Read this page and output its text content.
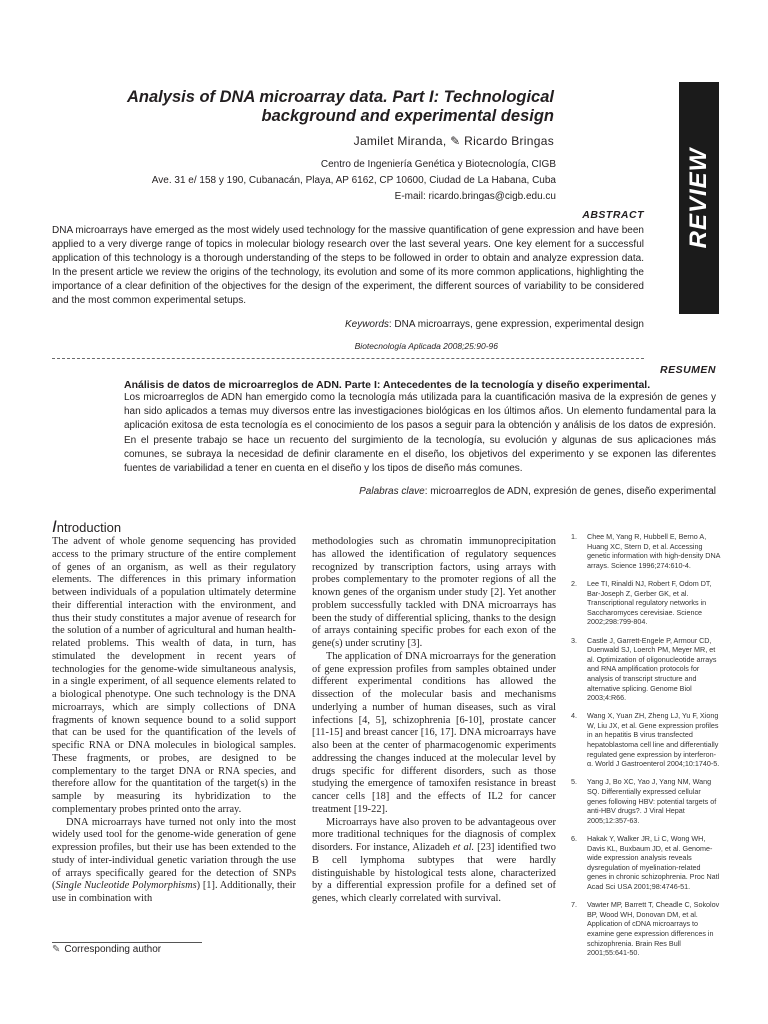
REVIEW
Analysis of DNA microarray data. Part I: Technological
background and experimental design
Jamilet Miranda, ✎ Ricardo Bringas
Centro de Ingeniería Genética y Biotecnología, CIGB
Ave. 31 e/ 158 y 190, Cubanacán, Playa, AP 6162, CP 10600, Ciudad de La Habana, Cuba
E-mail: ricardo.bringas@cigb.edu.cu
ABSTRACT
DNA microarrays have emerged as the most widely used technology for the massive quantification of gene expression and have been applied to a very diverge range of topics in molecular biology research over the last several years. One key element for a successful application of this technology is a thorough understanding of the steps to be followed in order to obtain and analyze expression data. In the present article we review the origins of the technology, its evolution and some of its more common applications, highlighting the importance of a clear definition of the objectives for the design of the experiment, the different sources of variability to be considered and the most common experimental setups.
Keywords: DNA microarrays, gene expression, experimental design
Biotecnología Aplicada 2008;25:90-96
RESUMEN
Análisis de datos de microarreglos de ADN. Parte I: Antecedentes de la tecnología y diseño experimental.
Los microarreglos de ADN han emergido como la tecnología más utilizada para la cuantificación masiva de la expresión de genes y han sido aplicados a temas muy diversos entre las investigaciones biológicas en los últimos años. Un elemento fundamental para la aplicación exitosa de esta tecnología es el conocimiento de los pasos a seguir para la obtención y análisis de los datos de expresión. En el presente trabajo se hace un recuento del surgimiento de la tecnología, su evolución y algunas de sus aplicaciones más comunes, se subraya la necesidad de definir claramente en el diseño, los objetivos del experimento y se exponen las diferentes fuentes de variabilidad a tener en cuenta en el diseño y los tipos de diseño más comunes.
Palabras clave: microarreglos de ADN, expresión de genes, diseño experimental
Introduction

The advent of whole genome sequencing has provided access to the primary structure of the entire complement of genes of an organism, as well as their regulatory elements. The differences in this primary information between individuals of a population ultimately determine their differential interaction with the environment, and thus their study constitutes a major avenue of research for the solution of a number of agricultural and human health-related problems. This wealth of data, in turn, has stimulated the development in recent years of technologies for the genome-wide simultaneous analysis, in a single experiment, of all sequence elements related to a biological phenotype. One such technology is the DNA microarrays, which are simply collections of DNA fragments of known sequence bound to a solid support that can be used for the quantification of the levels of specific RNA or DNA molecules in biological samples. These fragments, or probes, are designed to be complementary to the target DNA or RNA species, and therefore allow for the quantitation of the target(s) in the sample by measuring its hybridization to the complementary probes printed onto the array.

DNA microarrays have turned not only into the most widely used tool for the genome-wide generation of gene expression profiles, but their use has been extended to the study of inter-individual genetic variation through the use of arrays specifically geared for the detection of SNPs (Single Nucleotide Polymorphisms) [1]. Additionally, their use in combination with

methodologies such as chromatin immunoprecipitation has allowed the identification of regulatory sequences recognized by transcription factors, using arrays with probes complementary to the promoter regions of all the known genes of the organism under study [2]. Yet another problem successfully tackled with DNA microarrays has been the study of differential splicing, thanks to the design of arrays containing specific probes for each exon of the gene(s) under scrutiny [3].

The application of DNA microarrays for the generation of gene expression profiles from samples obtained under different experimental conditions has allowed the dissection of the molecular basis and mechanisms underlying a number of human diseases, such as viral infections [4, 5], schizophrenia [6-10], prostate cancer [11-15] and breast cancer [16, 17]. DNA microarrays have also been at the center of pharmacogenomic experiments addressing the changes induced at the molecular level by drugs specific for different disorders, such as those studying the emergence of tamoxifen resistance in breast cancer cells [18] and the effects of IL2 for cancer treatment [19-22].

Microarrays have also proven to be advantageous over more traditional techniques for the diagnosis of complex disorders. For instance, Alizadeh et al. [23] identified two B cell lymphoma subtypes that were hardly distinguishable by histological tests alone, characterized by a differential expression profile for a defined set of genes, which clearly correlated with survival.

1. Chee M, Yang R, Hubbell E, Berno A, Huang XC, Stern D, et al. Accessing genetic information with high-density DNA arrays. Science 1996;274:610-4.
2. Lee TI, Rinaldi NJ, Robert F, Odom DT, Bar-Joseph Z, Gerber GK, et al. Transcriptional regulatory networks in Saccharomyces cerevisiae. Science 2002;298:799-804.
3. Castle J, Garrett-Engele P, Armour CD, Duenwald SJ, Loerch PM, Meyer MR, et al. Optimization of oligonucleotide arrays and RNA amplification protocols for analysis of transcript structure and alternative splicing. Genome Biol 2003;4:R66.
4. Wang X, Yuan ZH, Zheng LJ, Yu F, Xiong W, Liu JX, et al. Gene expression profiles in an hepatitis B virus transfected hepatoblastoma cell line and differentially regulated gene expression by interferon-α. World J Gastroenterol 2004;10:1740-5.
5. Yang J, Bo XC, Yao J, Yang NM, Wang SQ. Differentially expressed cellular genes following HBV: potential targets of anti-HBV drugs?. J Viral Hepat 2005;12:357-63.
6. Hakak Y, Walker JR, Li C, Wong WH, Davis KL, Buxbaum JD, et al. Genome-wide expression analysis reveals dysregulation of myelination-related genes in chronic schizophrenia. Proc Natl Acad Sci USA 2001;98:4746-51.
7. Vawter MP, Barrett T, Cheadle C, Sokolov BP, Wood WH, Donovan DM, et al. Application of cDNA microarrays to examine gene expression differences in schizophrenia. Brain Res Bull 2001;55:641-50.
✎ Corresponding author
